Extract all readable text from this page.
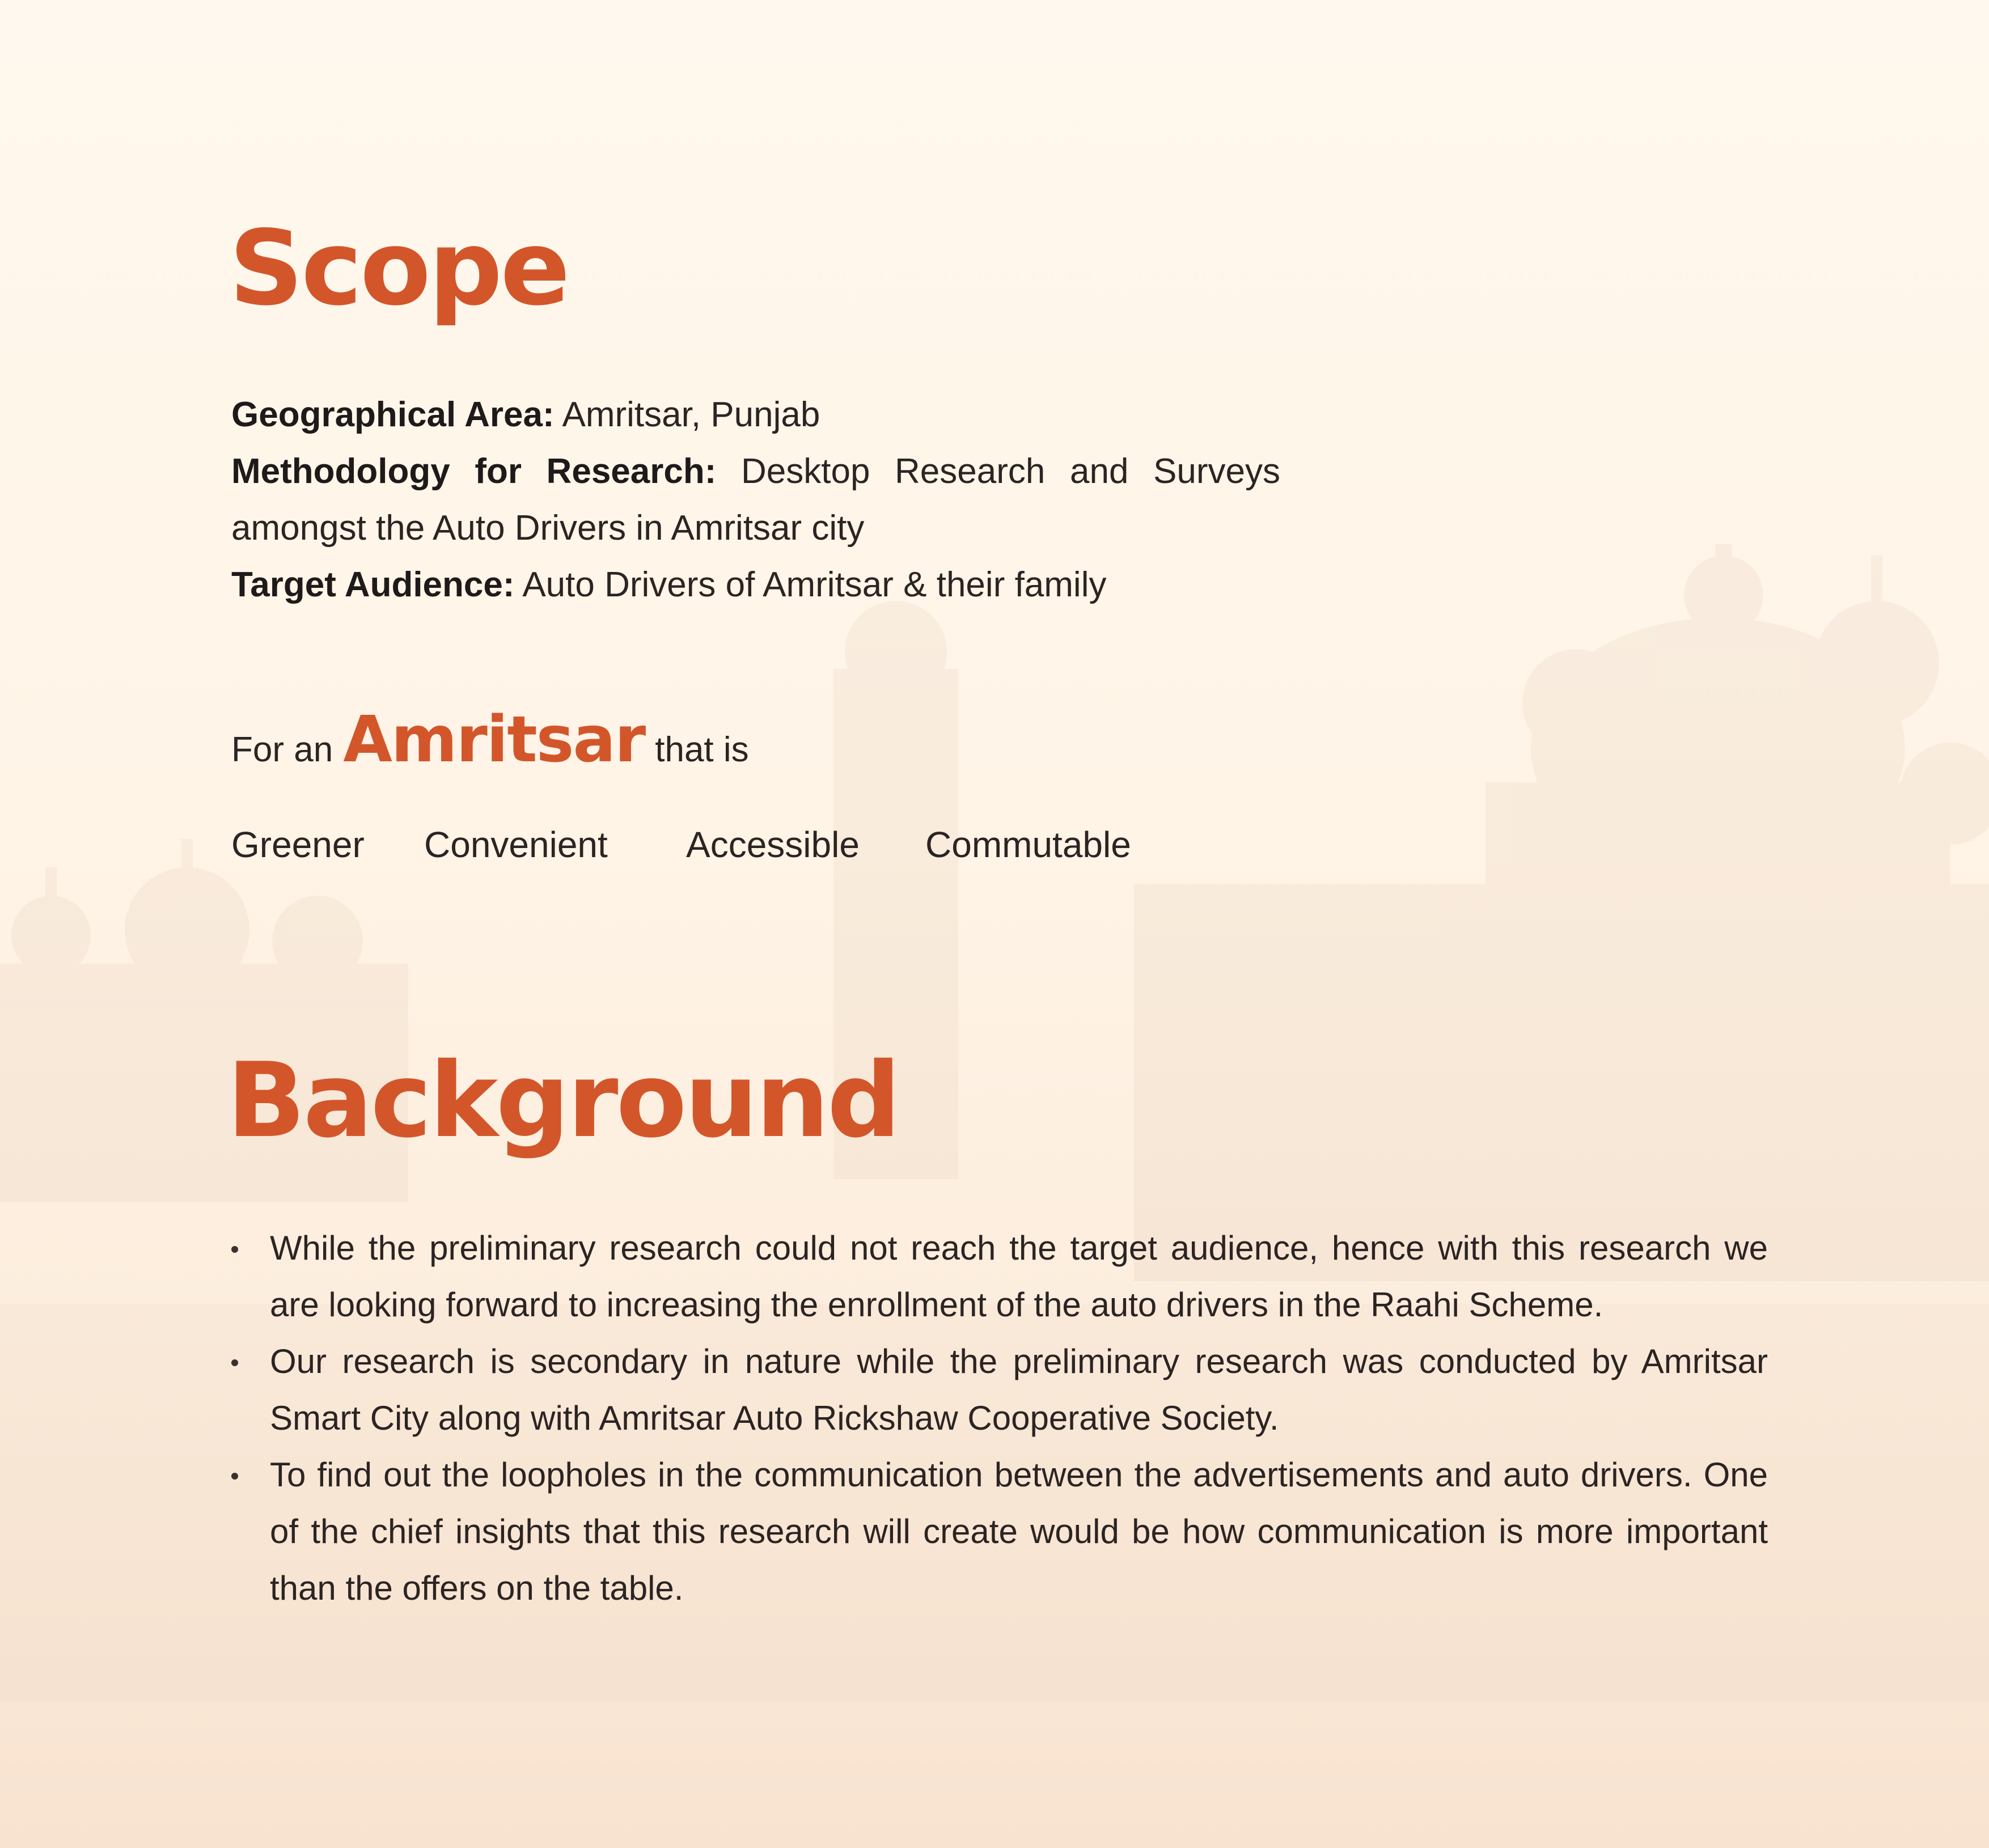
Scope

Geographical Area: Amritsar, Punjab

Methodology for Research: Desktop Research and Surveys amongst the Auto Drivers in Amritsar city

Target Audience: Auto Drivers of Amritsar & their family

For an Amritsar that is
Greener Convenient Accessible Commutable
Background
While the preliminary research could not reach the target audience, hence with this research we are looking forward to increasing the enrollment of the auto drivers in the Raahi Scheme.
Our research is secondary in nature while the preliminary research was conducted by Amritsar Smart City along with Amritsar Auto Rickshaw Cooperative Society.
To find out the loopholes in the communication between the advertisements and auto drivers. One of the chief insights that this research will create would be how communication is more important than the offers on the table.
